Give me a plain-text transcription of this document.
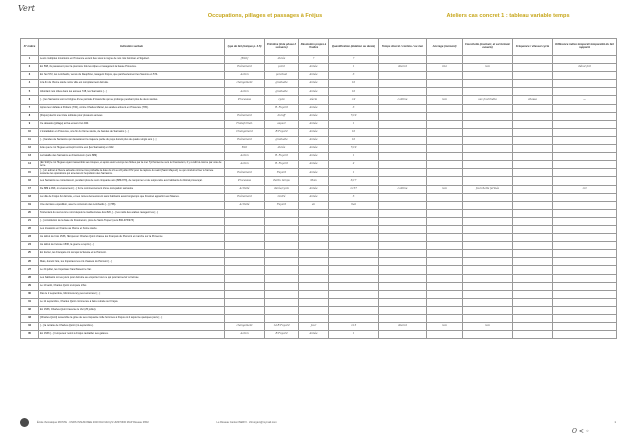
Vert
Occupations, pillages et passages à Fréjus	Ateliers cas concret 1 : tableau variable temps
N° indice	Indication verbale	type de fait (lexique p. 4-5)	Primitive (liste phase 2 scénario)	Résolution propre à l'indice	Quantification (datation ou durée)	Temps discret / continu / ou rien	Ancrage (moment)	Fourchette (montant, et sa/ fermée/ ouverte)	Fréquence / vitesse/ cycle	Différence indice temporel/ temporalité du fait rapporté
1	Leurs multiples incursions en Provence eurent lieu sous le règne de nos rois Gontran et Sigebert.	[Etat]	durée	?	?					
2	En 568, ils passèrent pour la première fois les Alpes et ravagèrent la basse Provence.	Evènement	point	Année	1	discret	Oui	non		début fait
3	En l'an 572, les Lombards, venus du Dauphiné, ravagent Fréjus, que parcheviennent les Saxons en 574.	Action	ponctuel	Année	3					
4	A la fin du IXème siècle notre ville est complètement détruite.	changement	graduelle	Année	10					
5	Abordant nos côtes dans les années 728, les Sarrasins [...]	Action	graduelle	Année	10					
6	[...] les Sarrasins sont à l'origine d'une période d'insécurité qui se prolonge pendant plus de deux siècles.	Processus	cycle	siècle	<2	continu	non	ouv fourchette	vitesse	—
7	Après leur défaite à Poitiers (732), contre Charles Martel, les arabes arrivent en Provence (735).		R. Fuyard	Année	3					
8	[Fréjus] devint une triste solitude pour plusieurs années	Evènement	duraff	Année	7/10					
9	Ce désastre [pillage] arriva envers l'an 940.	Transformat.	aspect	Année	1					
10	L'installation en Provence, à la fin du Xème siècle, de bandes de Sarrasins [...]	Changement	R.Fuyard	Année	10					
11	[...] bandes de Sarrasins qui dévastèrent la majeure partie du pays durant plus de quatre-vingts ans [...]	Evènement	graduelle	Année	10					
12	lutte que le roi Hugues entreprit contre eux [les Sarrasins] en 942.	Etat	durée	Année	7/10					
13	La bataille des Sarrasins au Fraxinetum (vers 889)	Action	R. Fuyard	Année	1					
14	(En 942) le roi Hugues ayant rassemblé ses troupes, et après avoir envoyé les flottes par la mer Tyrrhénienne vers le Fraxinetum, il y rendit lui-même par voie de terre.	Action	R. Fuyard	Année	2					
15	[...] on admet à l'heure actuelle comme très probable la date du 21 au 22 juillet 972 pour la capture du saint [Saint Mayeul], ce qui conduit à fixer à l'année suivante les opérations qui amenèrent l'expulsion des Sarrasins.	Evènement	Fuyard	Année	1					
16	Les Sarrasins se contentèrent, pendant plus de cent cinquante ans (889-973), de rançonner et de surprendre aux habitants du littoral provençal.	Processus	Perdu temps	Mois	5/17					
17	De 889 à 993, on évènement [...] fut le commencement d'une occupation sarrasine	Activité	durée/cycle	Année	<157	continu	non	fourchette fermée		<O
18	La ville de Fréjus fut détruite, et ses ruines demeurèrent sans habitants aussi longtemps que Fraxinet appartint aux Maures.	Evènement	Cadré	Année	5					
19	Une dernière expédition, avec le concours des Lombards [...] (738).	Activité	Fuyard	an	rien					
20	S'orientant du sud vers le nord depuis la méditerranée dès 820, [...] les raids des arabes ravagent les [...]									
21	[...] constitution de la base du Fraxinetum, près de Saint-Tropez (vers 890-973/973)									
22	Les invasions en France au IXème et Xème siècle.									
23	Au début de l'été 1536, l'Empereur Charles Quint chasse les Français du Piémont et marche sur la Provence									
24	Au début de l'année 1536, la guerre a repris [...]									
25	En février, les Français ont occupé la Savoie et le Piémont.									
26	Mais, durant l'été, les Impériaux les ont chassés du Piémont [...]									
27	Le 24 juillet, les Impériaux franchissent le Var.									
28	Les habitants ont eu jours pour détruire au emporter tout ce qui pourrait servir à l'armée									
29	Le 10 août, Charles Quint s'empare d'Aix.									
30	Dès le 2 septembre, Montmorency peut annoncer [...]									
31	Le 11 septembre, Charles Quint commence à faire retraite sur Fréjus.									
32	En 1536, Charles-Quint traverse le Var (25 juillet).									
33	[Charles-Quint] ressemble la grise de ses cinquante mille hommes à Fréjus où il séjourne quelques jours [...]									
34	[...] la retraite de Charles-Quint (mi-septembre).	changement	14 R.Fuyard	Jour	<15	discret	non	non		
35	En 1536 [...] l'empereur revint à Fréjus ravitailler ses galères.	Action	R.Fuyard	Année	1					
École thématique MOSTE · CNRS INSHS/INEE 2020 DHI MoCyS UMR 5600 MAP Réseau RSM	Le Réseau Cantat ISERVI · chirurgien@mymail.com	1
O < ◦
